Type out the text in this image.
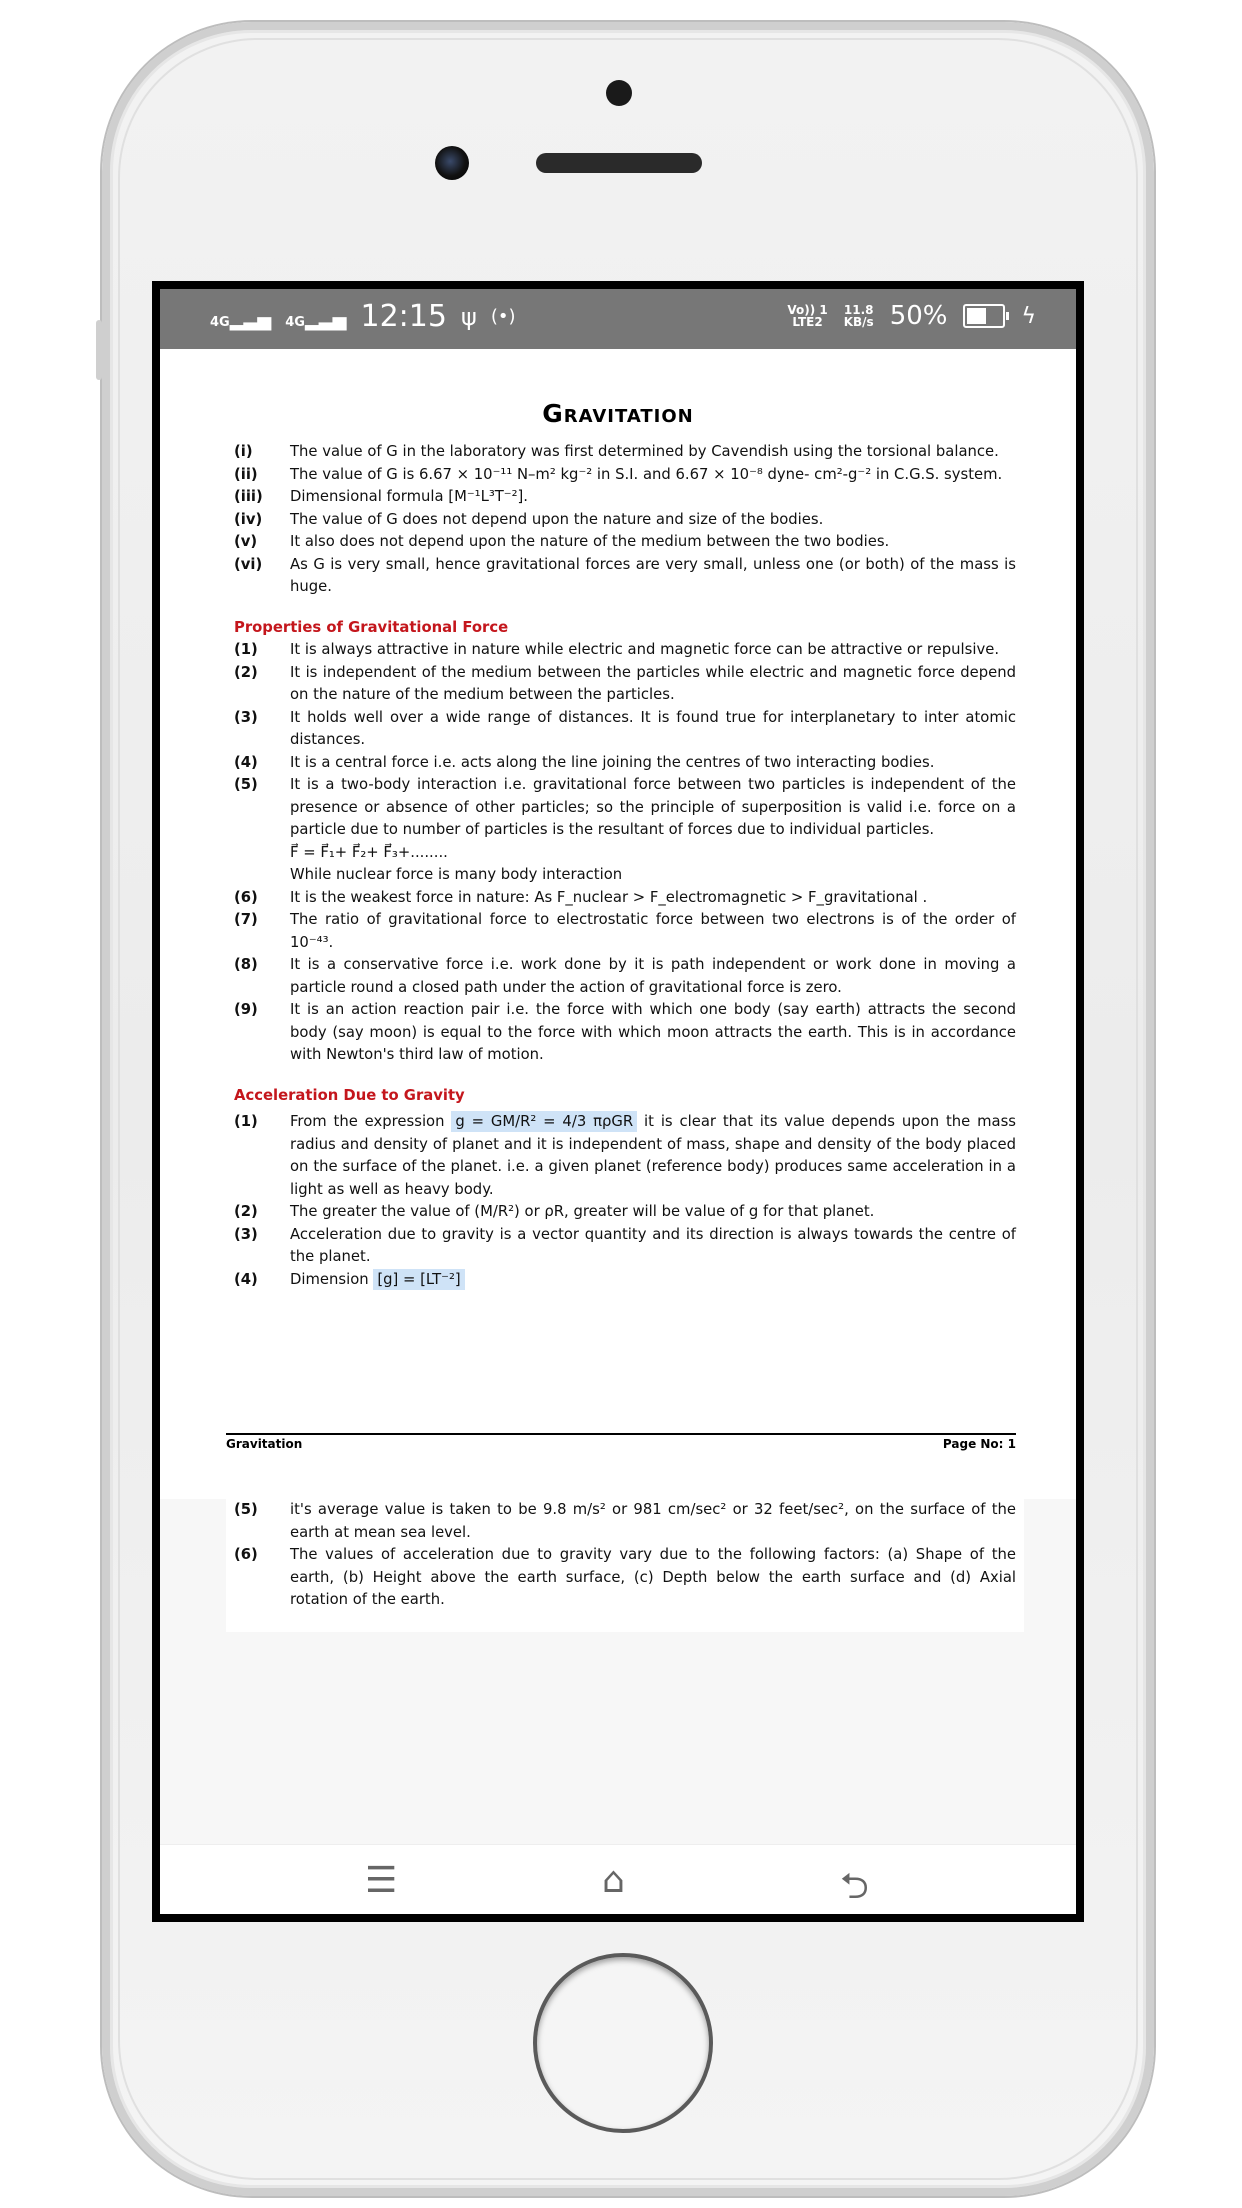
4G▂▃▅ 4G▂▃▅ 12:15 ψ (•)	Vo)) 1
LTE2
11.8
KB/s 50%	ϟ
Gravitation
(i)	The value of G in the laboratory was first determined by Cavendish using the torsional balance.
(ii)	The value of G is 6.67 × 10⁻¹¹ N–m² kg⁻² in S.I. and 6.67 × 10⁻⁸ dyne- cm²-g⁻² in C.G.S. system.
(iii)	Dimensional formula [M⁻¹L³T⁻²].
(iv)	The value of G does not depend upon the nature and size of the bodies.
(v)	It also does not depend upon the nature of the medium between the two bodies.
(vi)	As G is very small, hence gravitational forces are very small, unless one (or both) of the mass is huge.
Properties of Gravitational Force
(1)	It is always attractive in nature while electric and magnetic force can be attractive or repulsive.
(2)	It is independent of the medium between the particles while electric and magnetic force depend on the nature of the medium between the particles.
(3)	It holds well over a wide range of distances. It is found true for interplanetary to inter atomic distances.
(4)	It is a central force i.e. acts along the line joining the centres of two interacting bodies.
(5)	It is a two-body interaction i.e. gravitational force between two particles is independent of the presence or absence of other particles; so the principle of superposition is valid i.e. force on a particle due to number of particles is the resultant of forces due to individual particles.
F⃗ = F⃗₁+ F⃗₂+ F⃗₃+........
While nuclear force is many body interaction
(6)	It is the weakest force in nature: As F_nuclear > F_electromagnetic > F_gravitational .
(7)	The ratio of gravitational force to electrostatic force between two electrons is of the order of 10⁻⁴³.
(8)	It is a conservative force i.e. work done by it is path independent or work done in moving a particle round a closed path under the action of gravitational force is zero.
(9)	It is an action reaction pair i.e. the force with which one body (say earth) attracts the second body (say moon) is equal to the force with which moon attracts the earth. This is in accordance with Newton's third law of motion.
Acceleration Due to Gravity
(1)	From the expression g = GM/R² = 4/3 πρGR it is clear that its value depends upon the mass radius and density of planet and it is independent of mass, shape and density of the body placed on the surface of the planet. i.e. a given planet (reference body) produces same acceleration in a light as well as heavy body.
(2)	The greater the value of (M/R²) or ρR, greater will be value of g for that planet.
(3)	Acceleration due to gravity is a vector quantity and its direction is always towards the centre of the planet.
(4)	Dimension [g] = [LT⁻²]
Gravitation	Page No: 1
(5)	it's average value is taken to be 9.8 m/s² or 981 cm/sec² or 32 feet/sec², on the surface of the earth at mean sea level.
(6)	The values of acceleration due to gravity vary due to the following factors: (a) Shape of the earth, (b) Height above the earth surface, (c) Depth below the earth surface and (d) Axial rotation of the earth.
☰	⌂	⮌
